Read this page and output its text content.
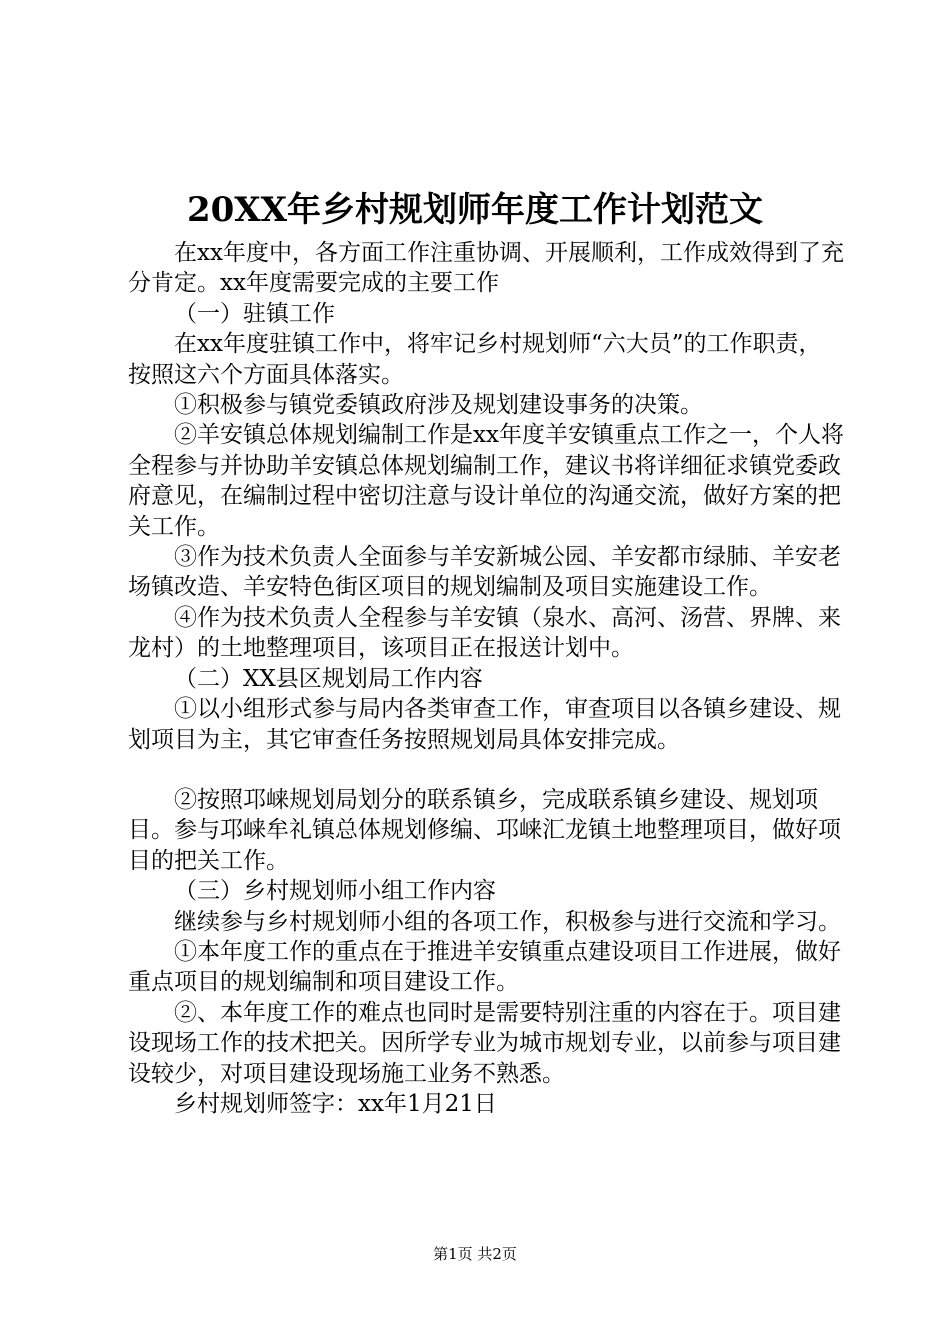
20XX年乡村规划师年度工作计划范文

在xx年度中，各方面工作注重协调、开展顺利，工作成效得到了充分肯定。xx年度需要完成的主要工作

（一）驻镇工作

在xx年度驻镇工作中，将牢记乡村规划师“六大员”的工作职责，按照这六个方面具体落实。

①积极参与镇党委镇政府涉及规划建设事务的决策。

②羊安镇总体规划编制工作是xx年度羊安镇重点工作之一，个人将全程参与并协助羊安镇总体规划编制工作，建议书将详细征求镇党委政府意见，在编制过程中密切注意与设计单位的沟通交流，做好方案的把关工作。

③作为技术负责人全面参与羊安新城公园、羊安都市绿肺、羊安老场镇改造、羊安特色街区项目的规划编制及项目实施建设工作。

④作为技术负责人全程参与羊安镇（泉水、高河、汤营、界牌、来龙村）的土地整理项目，该项目正在报送计划中。

（二）XX县区规划局工作内容

①以小组形式参与局内各类审查工作，审查项目以各镇乡建设、规划项目为主，其它审查任务按照规划局具体安排完成。

②按照邛崃规划局划分的联系镇乡，完成联系镇乡建设、规划项目。参与邛崃牟礼镇总体规划修编、邛崃汇龙镇土地整理项目，做好项目的把关工作。

（三）乡村规划师小组工作内容

继续参与乡村规划师小组的各项工作，积极参与进行交流和学习。

①本年度工作的重点在于推进羊安镇重点建设项目工作进展，做好重点项目的规划编制和项目建设工作。

②、本年度工作的难点也同时是需要特别注重的内容在于。项目建设现场工作的技术把关。因所学专业为城市规划专业，以前参与项目建设较少，对项目建设现场施工业务不熟悉。

乡村规划师签字：xx年1月21日

第1页 共2页
